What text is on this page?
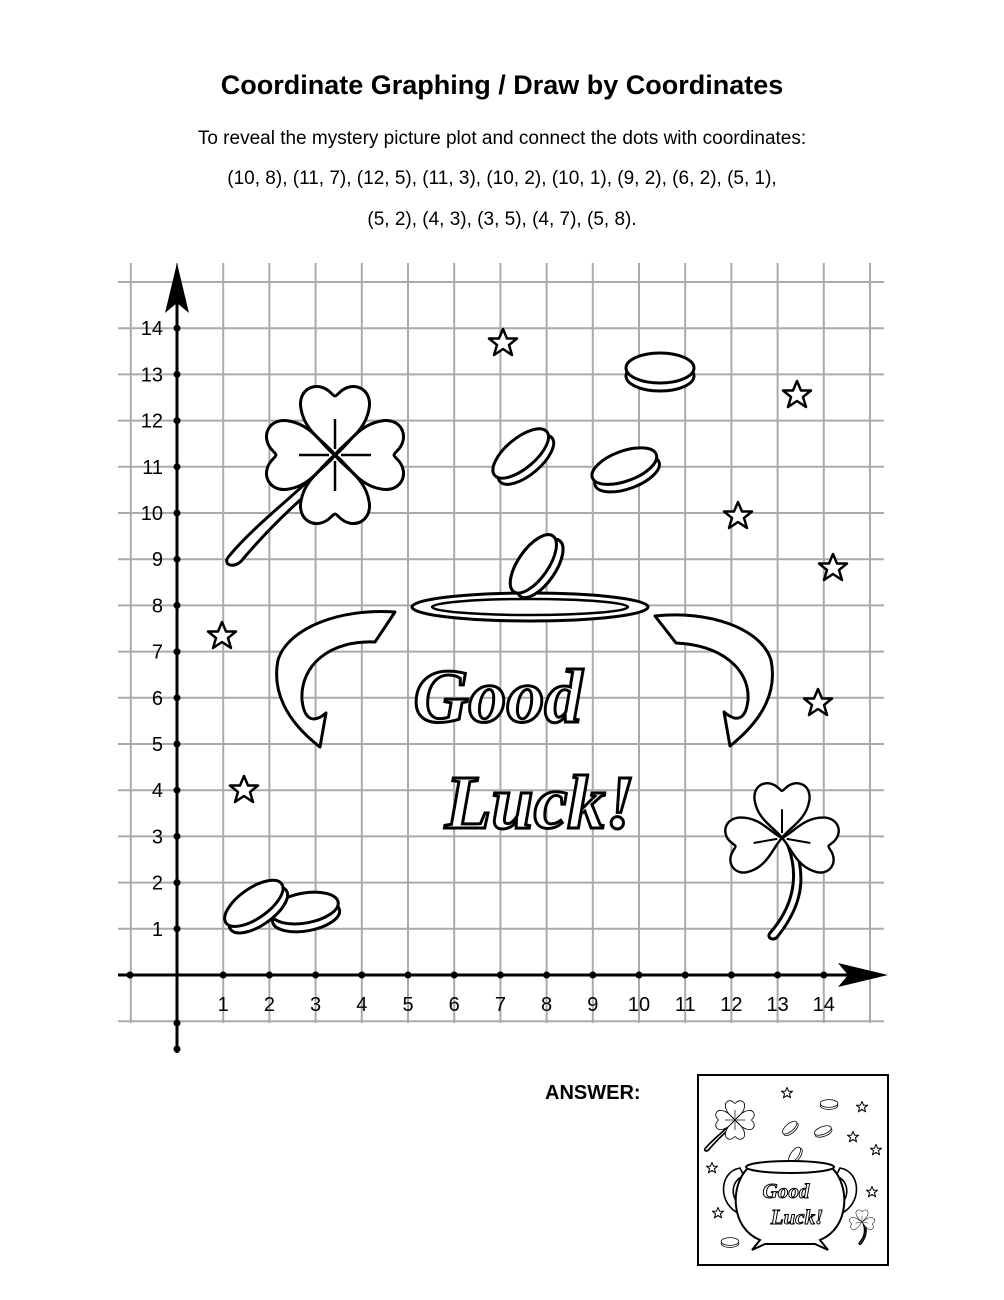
Coordinate Graphing / Draw by Coordinates
To reveal the mystery picture plot and connect the dots with coordinates:
(10, 8), (11, 7), (12, 5), (11, 3), (10, 2), (10, 1), (9, 2), (6, 2), (5, 1),
(5, 2), (4, 3), (3, 5), (4, 7), (5, 8).
1 2 3 4 5 6 7 8 9 10 11 12 13 14
1
2
3
4
5
6
7
8
9
10
11
12
13
14
Good
Luck!
Good
Luck!
ANSWER:
